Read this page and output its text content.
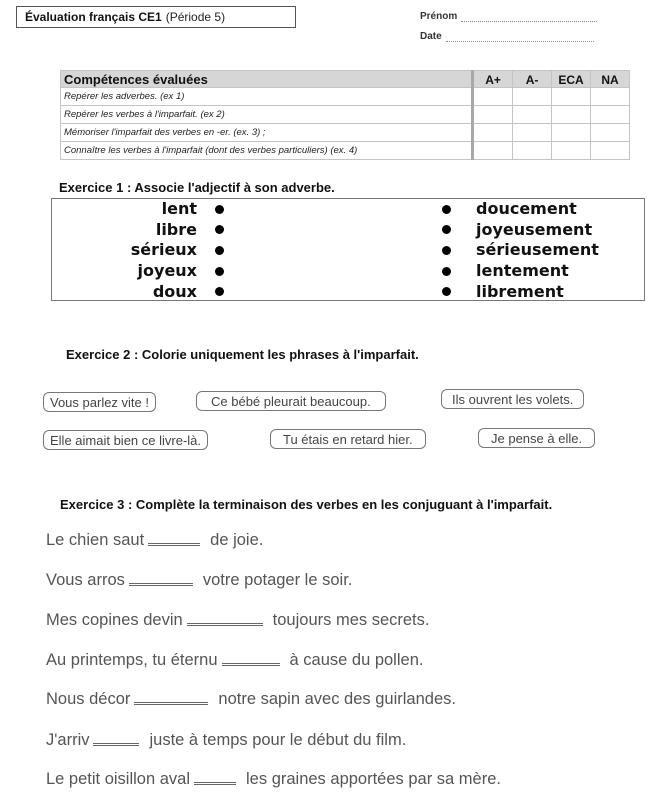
Évaluation français CE1 (Période 5)	Prénom
Date
Compétences évaluées	A+	A-	ECA	NA
Repérer les adverbes. (ex 1)				
Repérer les verbes à l'imparfait. (ex 2)				
Mémoriser l'imparfait des verbes en -er. (ex. 3) ;				
Connaître les verbes à l'imparfait (dont des verbes particuliers) (ex. 4)				
Exercice 1 : Associe l'adjectif à son adverbe.
lent
libre
sérieux
joyeux
doux
doucement
joyeusement
sérieusement
lentement
librement
Exercice 2 : Colorie uniquement les phrases à l'imparfait.
Vous parlez vite !	Ce bébé pleurait beaucoup.	Ils ouvrent les volets.
Elle aimait bien ce livre-là.	Tu étais en retard hier.	Je pense à elle.
Exercice 3 : Complète la terminaison des verbes en les conjuguant à l'imparfait.
Le chien saut	de joie.
Vous arros	votre potager le soir.
Mes copines devin	toujours mes secrets.
Au printemps, tu éternu	à cause du pollen.
Nous décor	notre sapin avec des guirlandes.
J'arriv	juste à temps pour le début du film.
Le petit oisillon aval	les graines apportées par sa mère.
